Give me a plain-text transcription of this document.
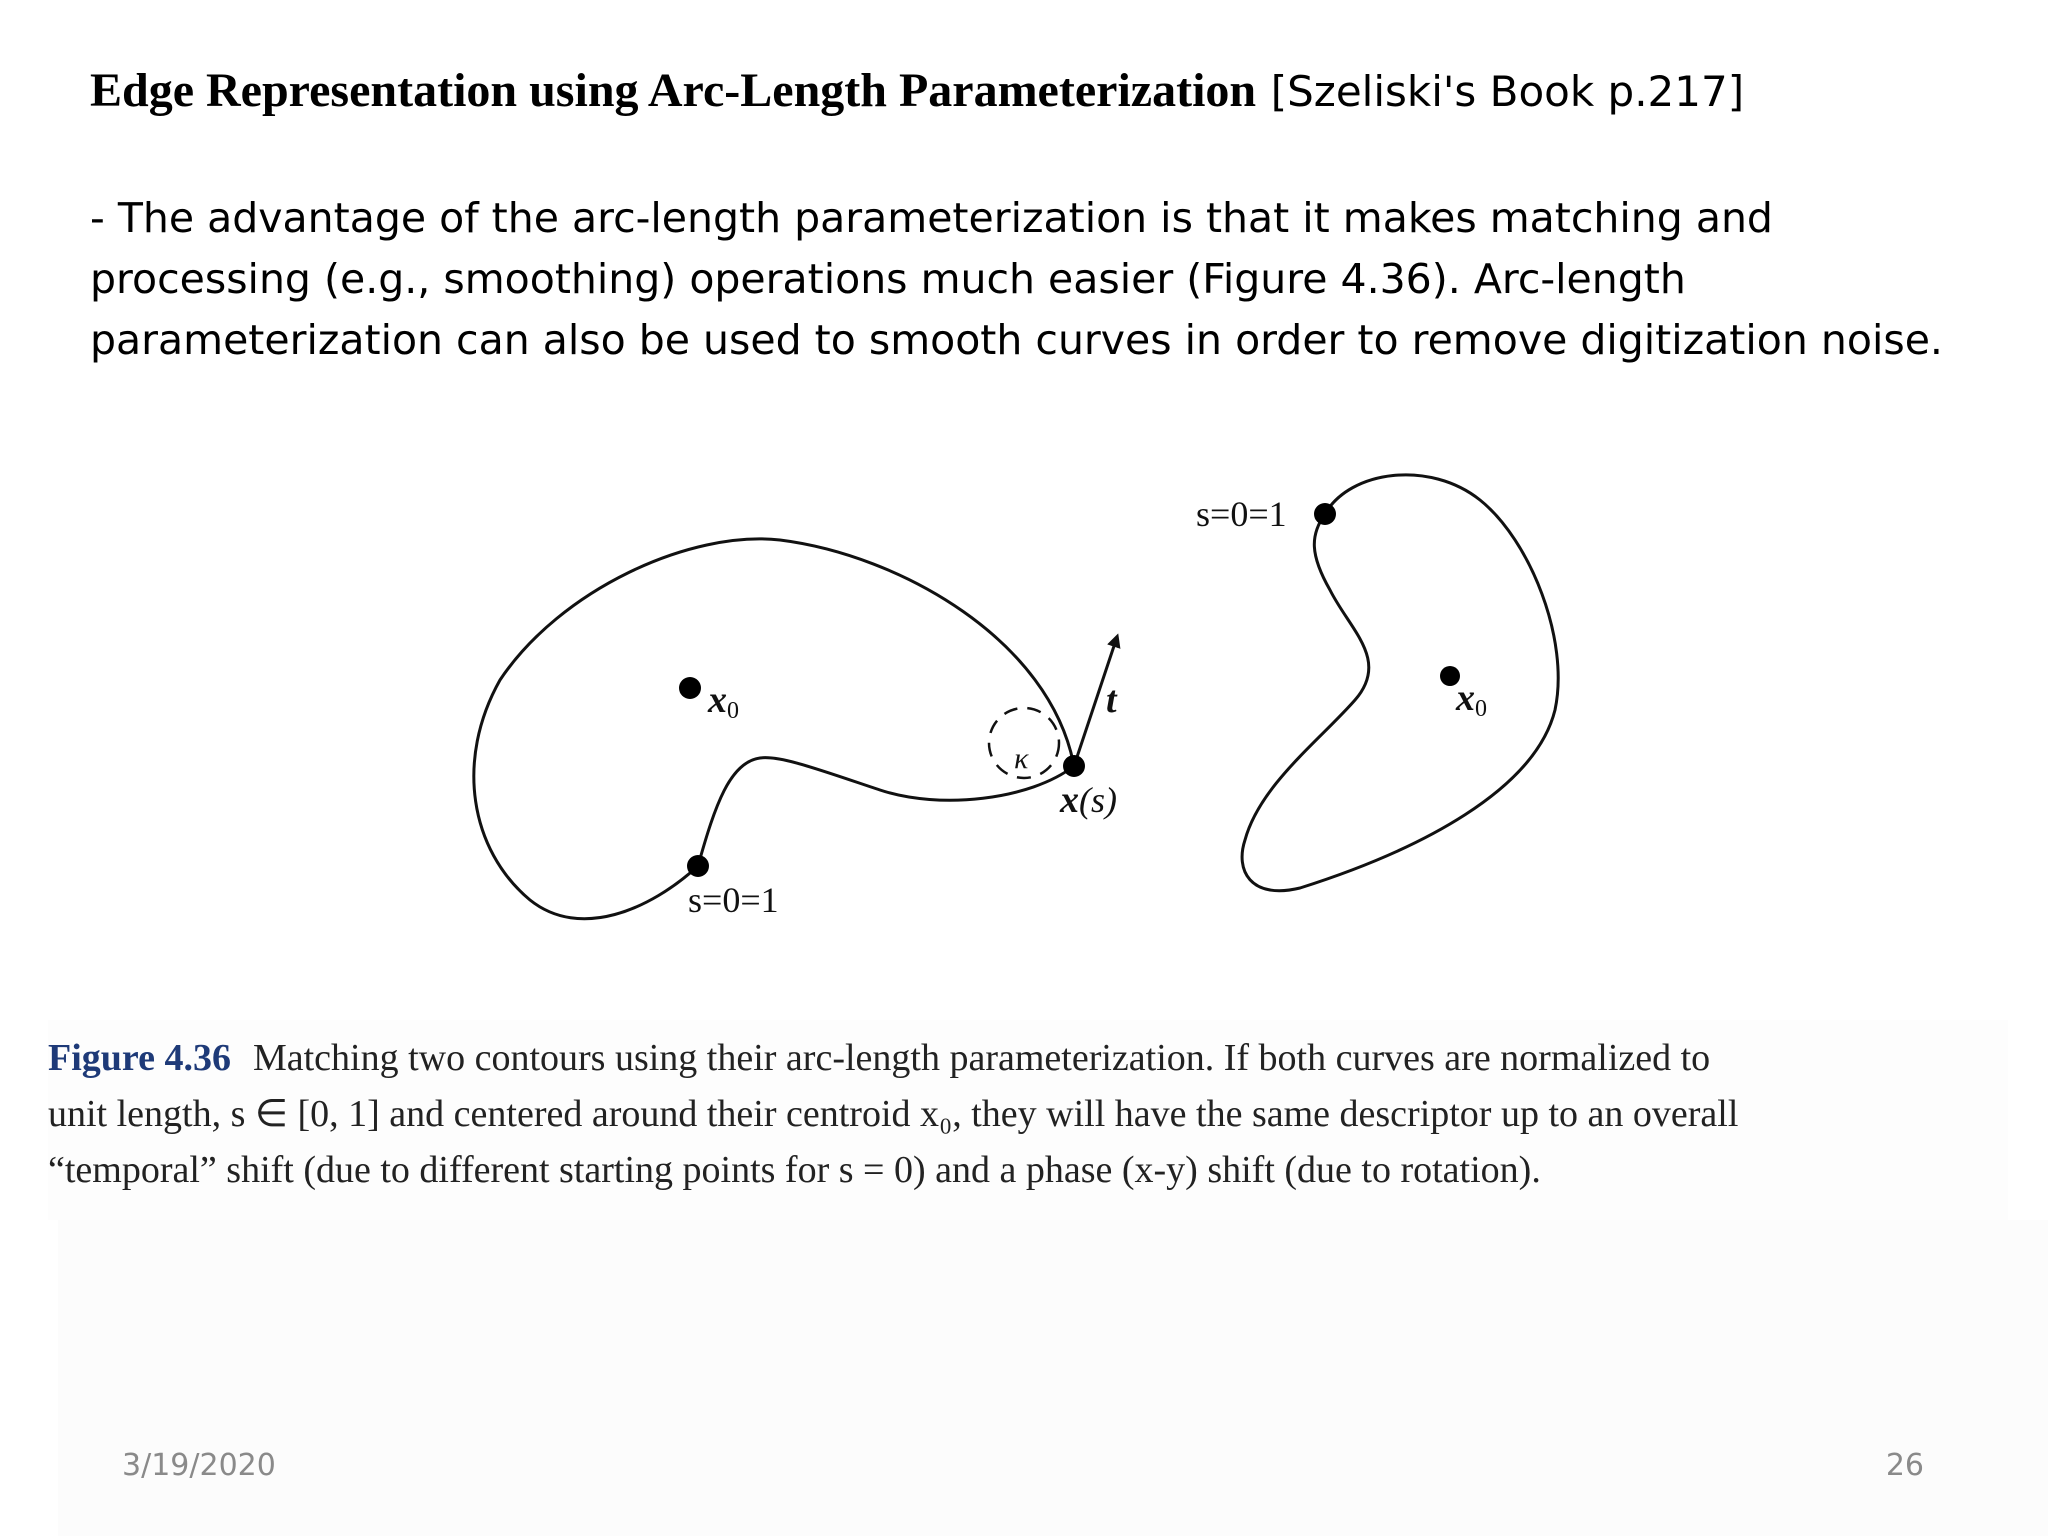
Edge Representation using Arc-Length Parameterization [Szeliski's Book p.217]
- The advantage of the arc-length parameterization is that it makes matching and
processing (e.g., smoothing) operations much easier (Figure 4.36). Arc-length
parameterization can also be used to smooth curves in order to remove digitization noise.
x0
s=0=1
t
κ
x(s)
x0
s=0=1
Figure 4.36 Matching two contours using their arc-length parameterization. If both curves are normalized to
unit length, s ∈ [0, 1] and centered around their centroid x₀, they will have the same descriptor up to an overall
“temporal” shift (due to different starting points for s = 0) and a phase (x-y) shift (due to rotation).
3/19/2020	26
